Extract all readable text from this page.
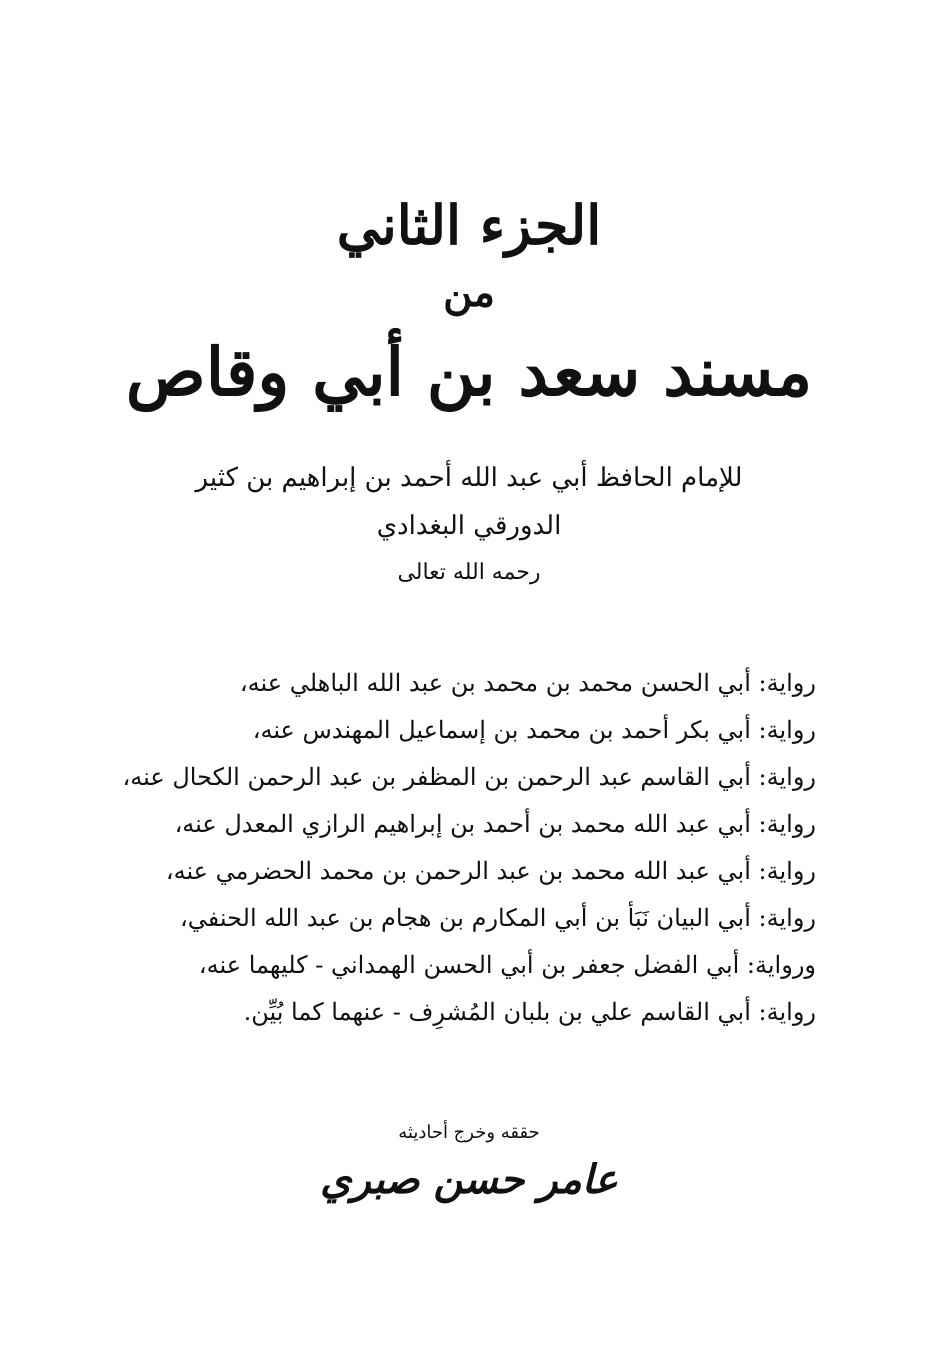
الجزء الثاني
من
مسند سعد بن أبي وقاص
للإمام الحافظ أبي عبد الله أحمد بن إبراهيم بن كثير
الدورقي البغدادي
رحمه الله تعالى
رواية: أبي الحسن محمد بن محمد بن عبد الله الباهلي عنه،
رواية: أبي بكر أحمد بن محمد بن إسماعيل المهندس عنه،
رواية: أبي القاسم عبد الرحمن بن المظفر بن عبد الرحمن الكحال عنه،
رواية: أبي عبد الله محمد بن أحمد بن إبراهيم الرازي المعدل عنه،
رواية: أبي عبد الله محمد بن عبد الرحمن بن محمد الحضرمي عنه،
رواية: أبي البيان نَبَأ بن أبي المكارم بن هجام بن عبد الله الحنفي،
ورواية: أبي الفضل جعفر بن أبي الحسن الهمداني - كليهما عنه،
رواية: أبي القاسم علي بن بلبان المُشرِف - عنهما كما بُيِّن.
حققه وخرج أحاديثه
عامر حسن صبري
